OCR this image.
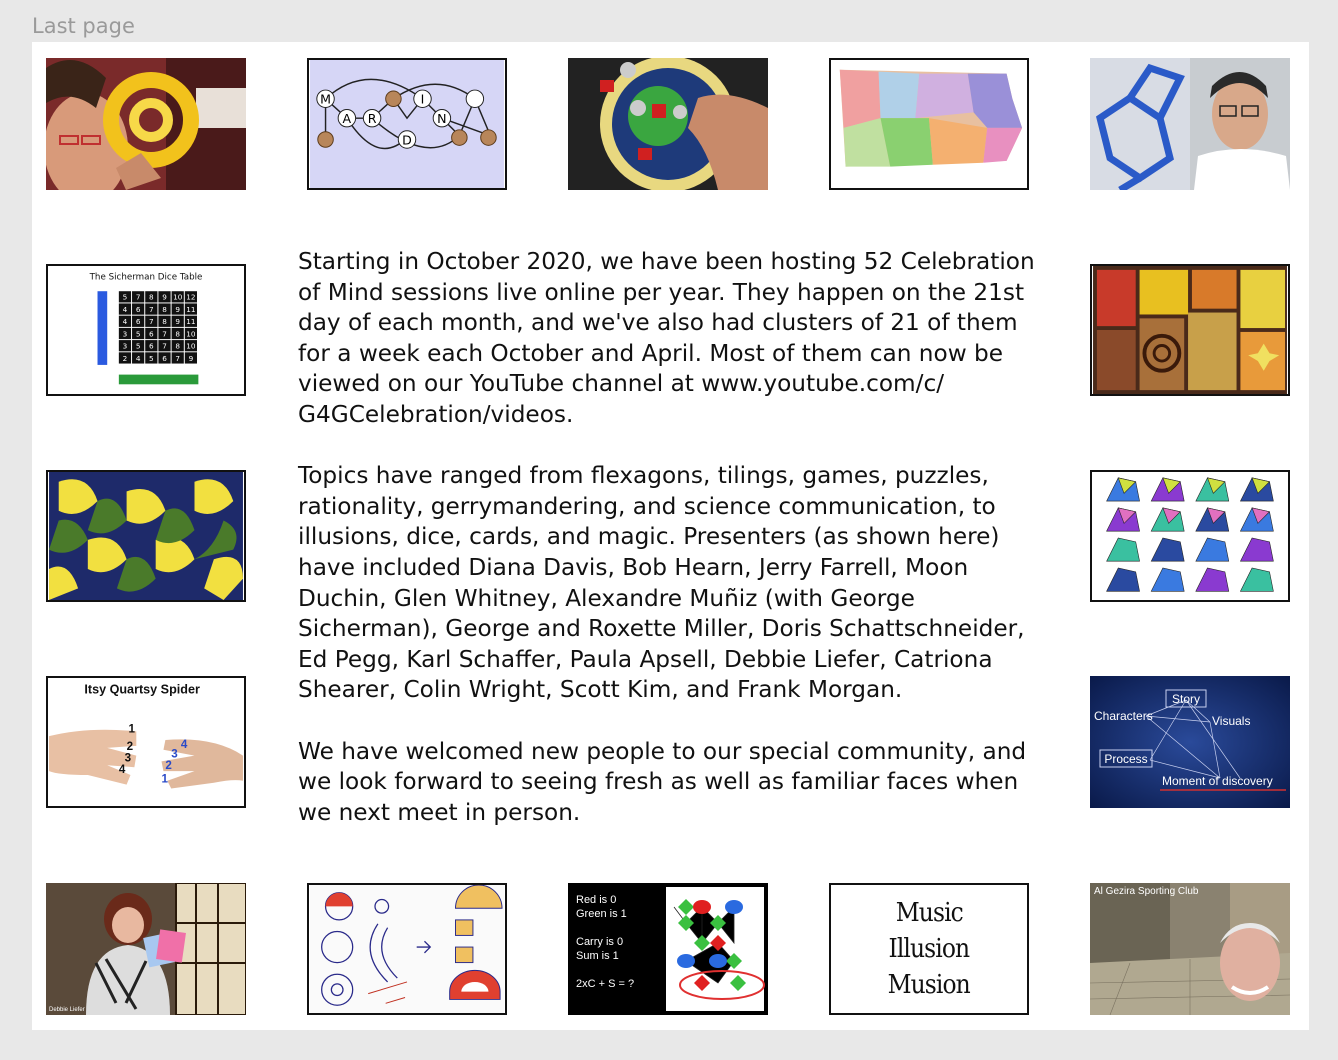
Last page
M
A R
I
D
N
The Sicherman Dice Table
5 7 8 9 10 12
4 6 7 8 9 11
4 6 7 8 9 11
3 5 6 7 8 10
3 5 6 7 8 10
2 4 5 6 7 9
Itsy Quartsy Spider
1
2
3
4
4
3
2
1
Story
Characters	Visuals
Process
Moment of discovery
Debbie Liefer
Red is 0
Green is 1
Carry is 0
Sum is 1
2xC + S = ?
Music
Illusion
Musion
Al Gezira Sporting Club

Starting in October 2020, we have been hosting 52 Celebration of Mind sessions live online per year. They happen on the 21st day of each month, and we've also had clusters of 21 of them for a week each October and April. Most of them can now be viewed on our YouTube channel at www.youtube.com/c/ G4GCelebration/videos.

Topics have ranged from flexagons, tilings, games, puzzles, rationality, gerrymandering, and science communication, to illusions, dice, cards, and magic. Presenters (as shown here) have included Diana Davis, Bob Hearn, Jerry Farrell, Moon Duchin, Glen Whitney, Alexandre Muñiz (with George Sicherman), George and Roxette Miller, Doris Schattschneider, Ed Pegg, Karl Schaffer, Paula Apsell, Debbie Liefer, Catriona Shearer, Colin Wright, Scott Kim, and Frank Morgan.

We have welcomed new people to our special community, and we look forward to seeing fresh as well as familiar faces when we next meet in person.
